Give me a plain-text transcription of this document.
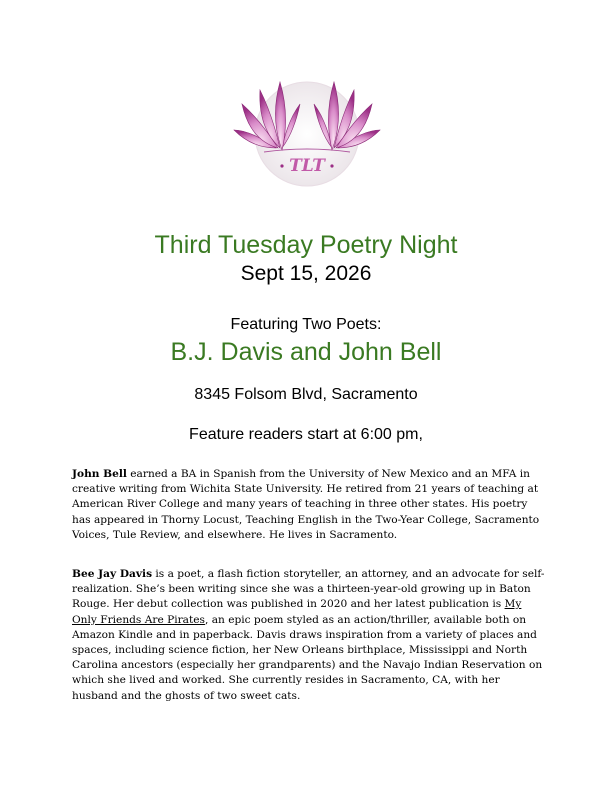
TLT
Third Tuesday Poetry Night
Sept 15, 2026
Featuring Two Poets:
B.J. Davis and John Bell
8345 Folsom Blvd, Sacramento
Feature readers start at 6:00 pm,

John Bell earned a BA in Spanish from the University of New Mexico and an MFA in creative writing from Wichita State University. He retired from 21 years of teaching at American River College and many years of teaching in three other states. His poetry has appeared in Thorny Locust, Teaching English in the Two-Year College, Sacramento Voices, Tule Review, and elsewhere. He lives in Sacramento.

Bee Jay Davis is a poet, a flash fiction storyteller, an attorney, and an advocate for self-realization. She’s been writing since she was a thirteen-year-old growing up in Baton Rouge. Her debut collection was published in 2020 and her latest publication is My Only Friends Are Pirates, an epic poem styled as an action/thriller, available both on Amazon Kindle and in paperback. Davis draws inspiration from a variety of places and spaces, including science fiction, her New Orleans birthplace, Mississippi and North Carolina ancestors (especially her grandparents) and the Navajo Indian Reservation on which she lived and worked. She currently resides in Sacramento, CA, with her husband and the ghosts of two sweet cats.
